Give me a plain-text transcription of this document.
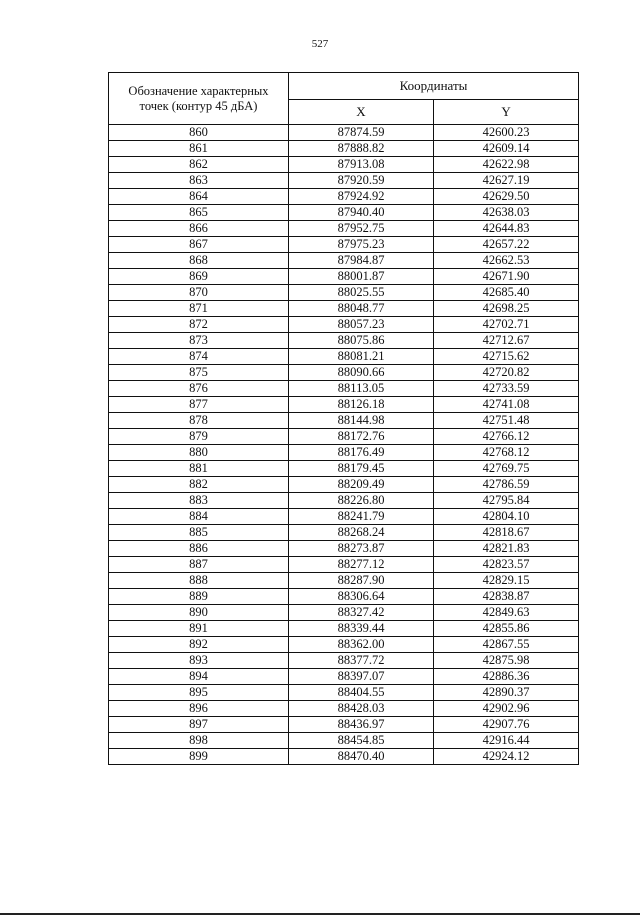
527
Обозначение характерных
точек (контур 45 дБА)	Координаты	
	X	Y
860	87874.59	42600.23
861	87888.82	42609.14
862	87913.08	42622.98
863	87920.59	42627.19
864	87924.92	42629.50
865	87940.40	42638.03
866	87952.75	42644.83
867	87975.23	42657.22
868	87984.87	42662.53
869	88001.87	42671.90
870	88025.55	42685.40
871	88048.77	42698.25
872	88057.23	42702.71
873	88075.86	42712.67
874	88081.21	42715.62
875	88090.66	42720.82
876	88113.05	42733.59
877	88126.18	42741.08
878	88144.98	42751.48
879	88172.76	42766.12
880	88176.49	42768.12
881	88179.45	42769.75
882	88209.49	42786.59
883	88226.80	42795.84
884	88241.79	42804.10
885	88268.24	42818.67
886	88273.87	42821.83
887	88277.12	42823.57
888	88287.90	42829.15
889	88306.64	42838.87
890	88327.42	42849.63
891	88339.44	42855.86
892	88362.00	42867.55
893	88377.72	42875.98
894	88397.07	42886.36
895	88404.55	42890.37
896	88428.03	42902.96
897	88436.97	42907.76
898	88454.85	42916.44
899	88470.40	42924.12
